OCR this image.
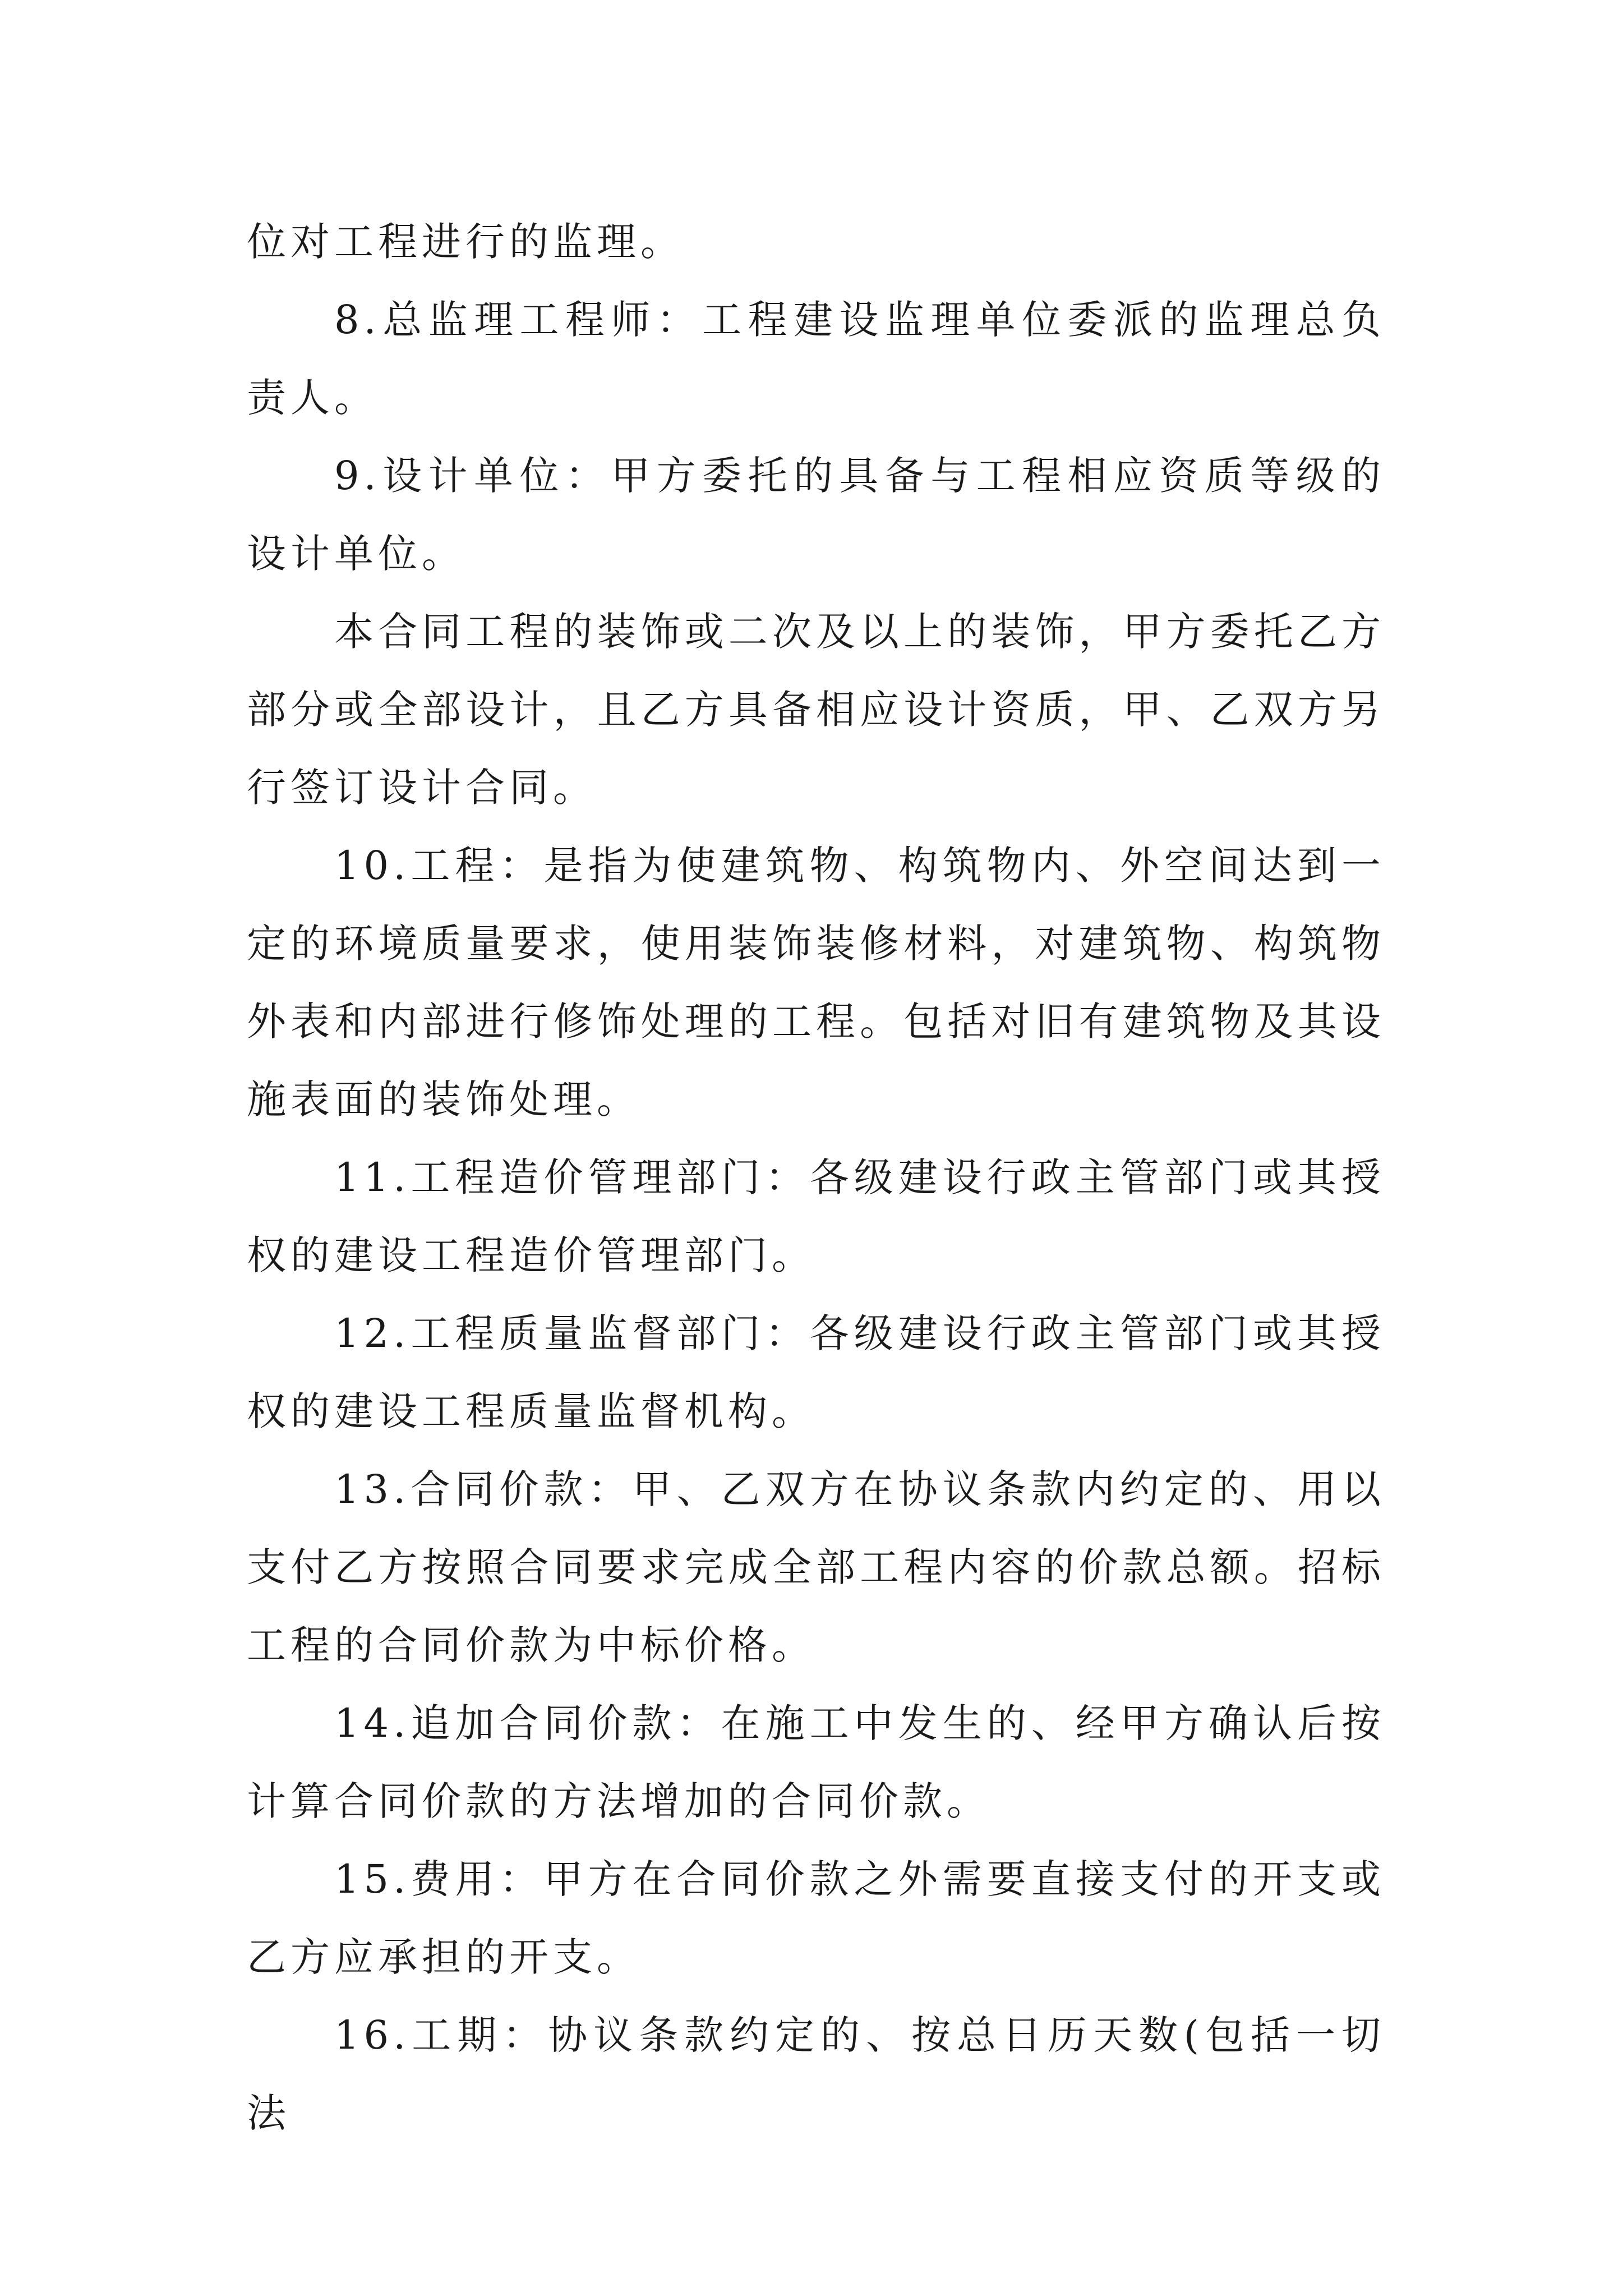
位对工程进行的监理。

8.总监理工程师：工程建设监理单位委派的监理总负责人。

9.设计单位：甲方委托的具备与工程相应资质等级的设计单位。

本合同工程的装饰或二次及以上的装饰，甲方委托乙方部分或全部设计，且乙方具备相应设计资质，甲、乙双方另行签订设计合同。

10.工程：是指为使建筑物、构筑物内、外空间达到一定的环境质量要求，使用装饰装修材料，对建筑物、构筑物外表和内部进行修饰处理的工程。包括对旧有建筑物及其设施表面的装饰处理。

11.工程造价管理部门：各级建设行政主管部门或其授权的建设工程造价管理部门。

12.工程质量监督部门：各级建设行政主管部门或其授权的建设工程质量监督机构。

13.合同价款：甲、乙双方在协议条款内约定的、用以支付乙方按照合同要求完成全部工程内容的价款总额。招标工程的合同价款为中标价格。

14.追加合同价款：在施工中发生的、经甲方确认后按计算合同价款的方法增加的合同价款。

15.费用：甲方在合同价款之外需要直接支付的开支或乙方应承担的开支。

16.工期：协议条款约定的、按总日历天数(包括一切法
